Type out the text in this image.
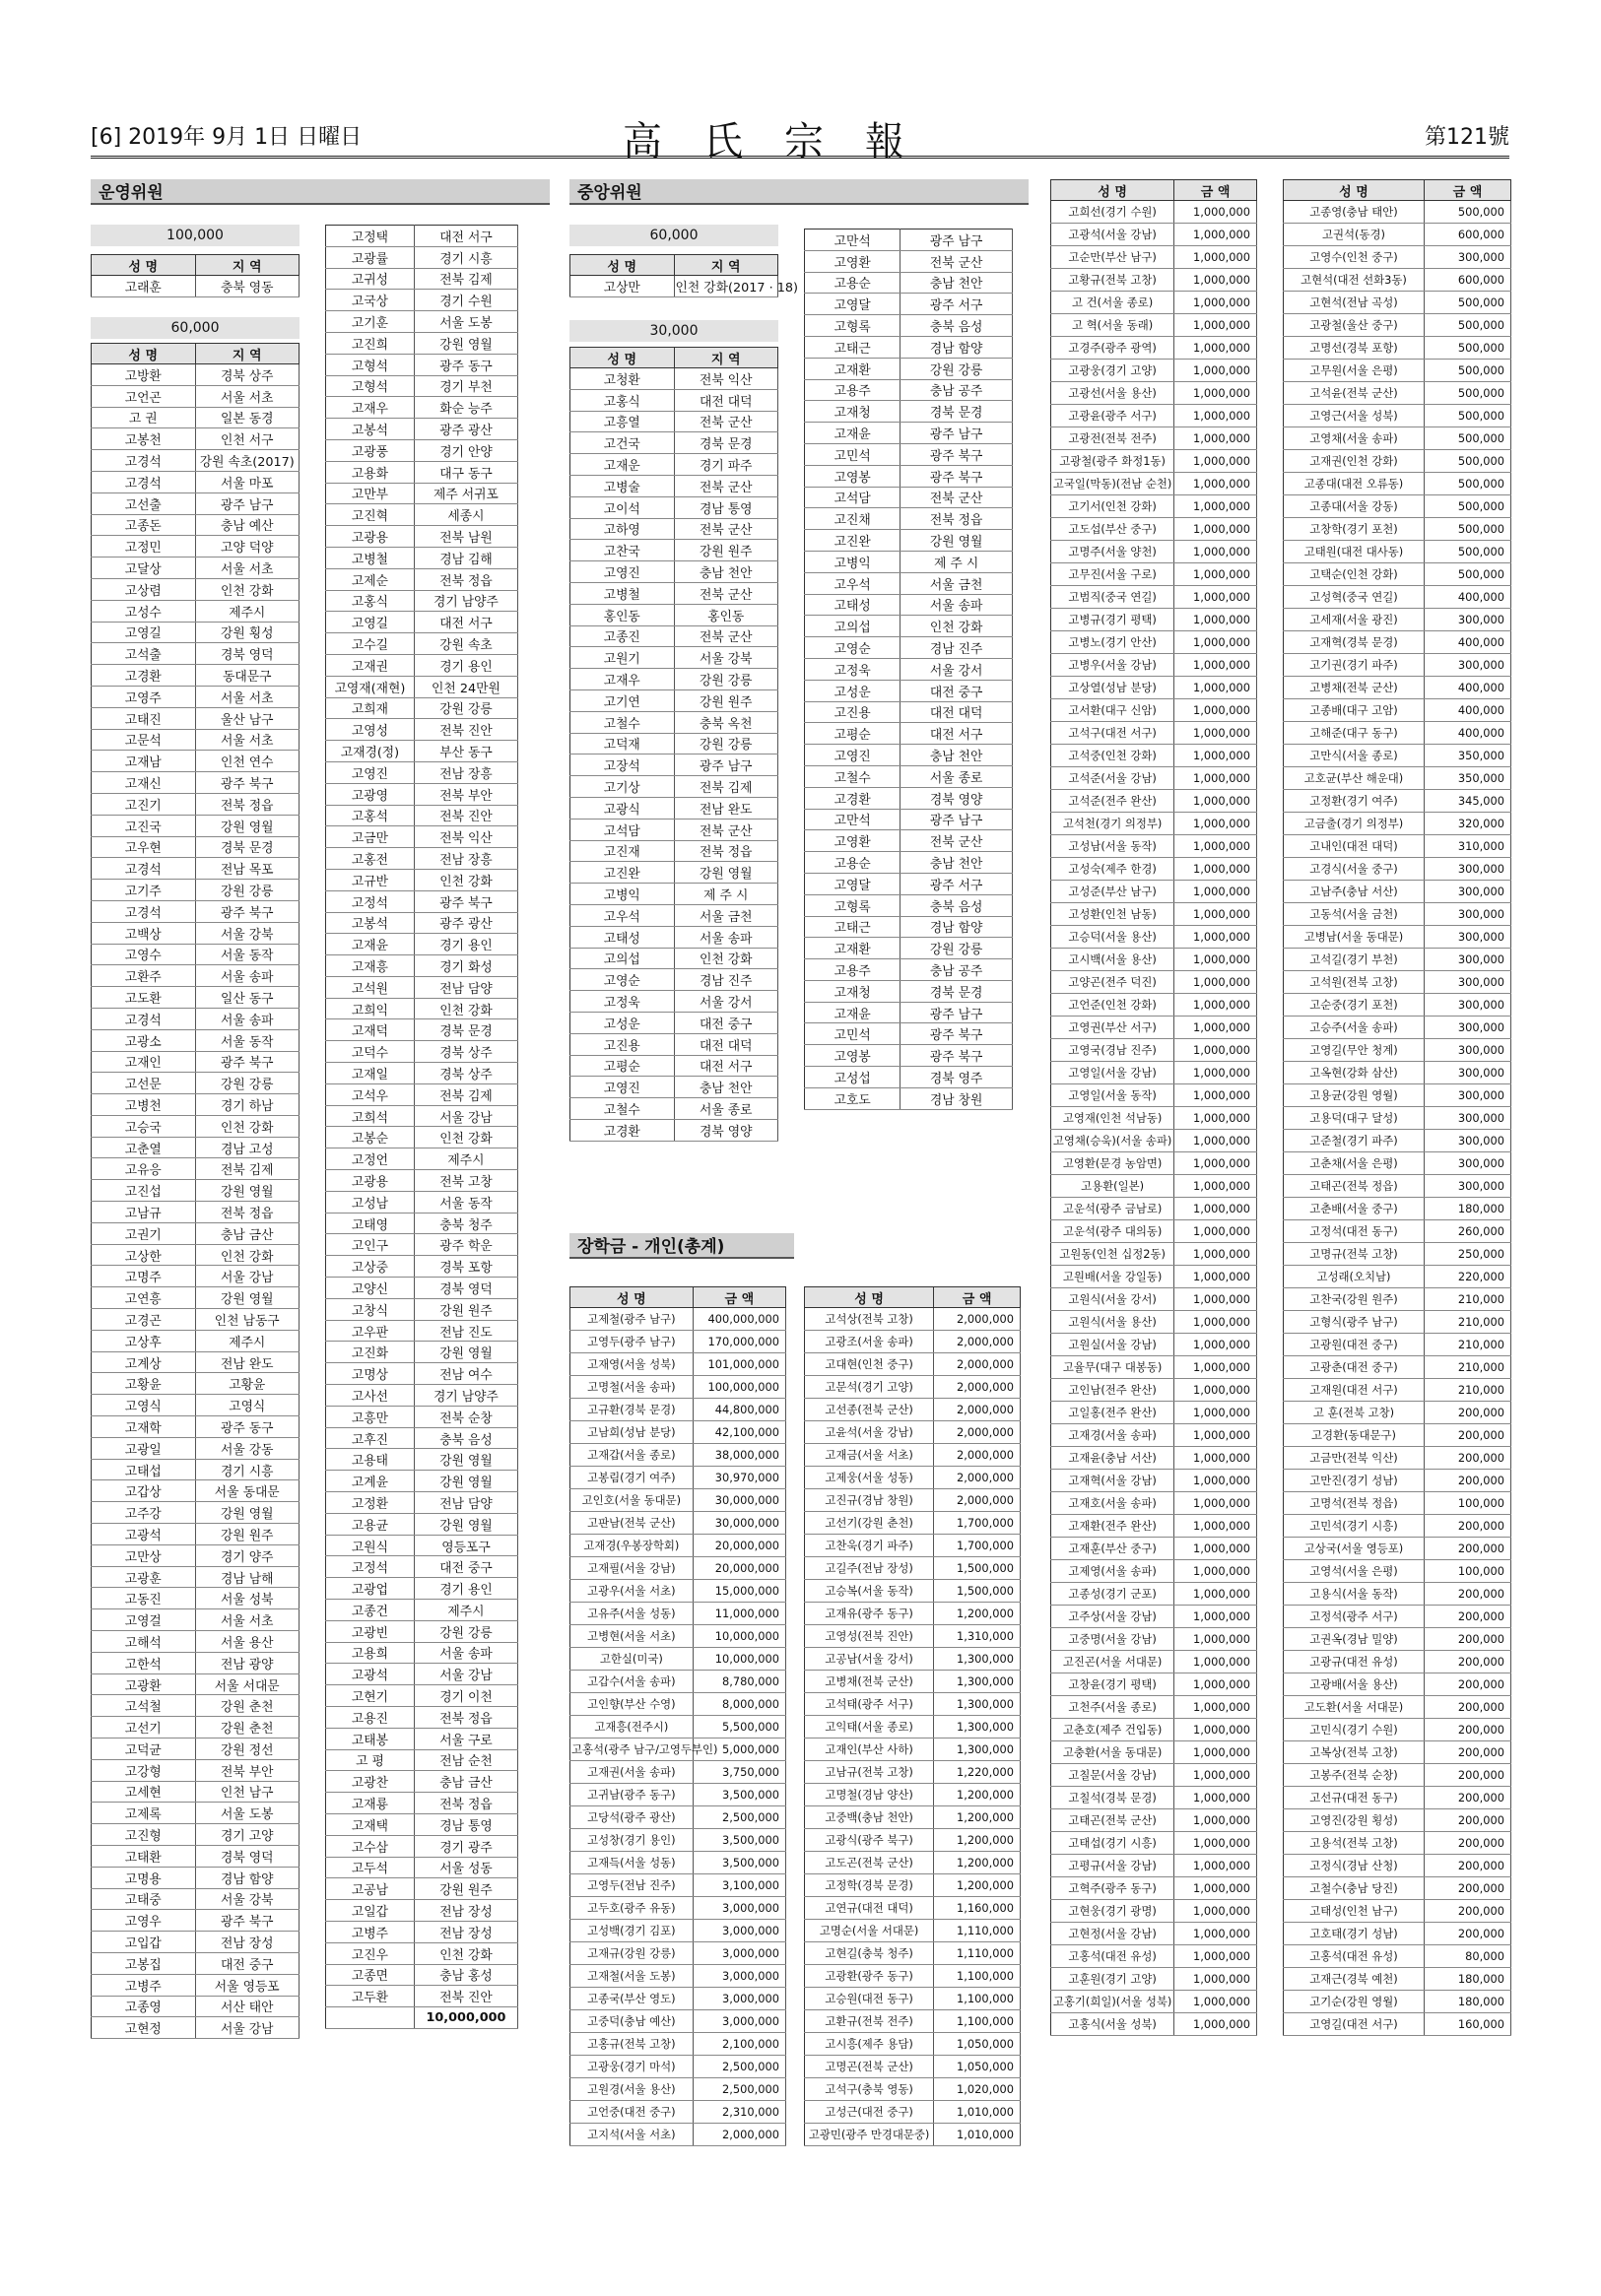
[6] 2019年 9月 1日 日曜日	高氏宗報	第121號
운영위원	중앙위원
장학금 - 개인(총계)
100,000
60,000
60,000
30,000
성 명	지 역
고래훈	충북 영동
성 명	지 역
고방환	경북 상주
고언곤	서울 서초
고 권	일본 동경
고봉천	인천 서구
고경석	강원 속초(2017)
고경석	서울 마포
고선출	광주 남구
고종돈	충남 예산
고정민	고양 덕양
고달상	서울 서초
고상렴	인천 강화
고성수	제주시
고영길	강원 횡성
고석출	경북 영덕
고경환	동대문구
고영주	서울 서초
고태진	울산 남구
고문석	서울 서초
고재남	인천 연수
고재신	광주 북구
고진기	전북 정읍
고진국	강원 영월
고우현	경북 문경
고경석	전남 목포
고기주	강원 강릉
고경석	광주 북구
고백상	서울 강북
고영수	서울 동작
고환주	서울 송파
고도환	일산 동구
고경석	서울 송파
고광소	서울 동작
고재인	광주 북구
고선문	강원 강릉
고병천	경기 하남
고승국	인천 강화
고춘열	경남 고성
고유응	전북 김제
고진섭	강원 영월
고남규	전북 정읍
고권기	충남 금산
고상한	인천 강화
고명주	서울 강남
고연흥	강원 영월
고경곤	인천 남동구
고상후	제주시
고계상	전남 완도
고황윤	고황윤
고영식	고영식
고재학	광주 동구
고광일	서울 강동
고태섭	경기 시흥
고갑상	서울 동대문
고주강	강원 영월
고광석	강원 원주
고만상	경기 양주
고광훈	경남 남해
고동진	서울 성북
고영걸	서울 서초
고해석	서울 용산
고한석	전남 광양
고광환	서울 서대문
고석철	강원 춘천
고선기	강원 춘천
고덕균	강원 정선
고강형	전북 부안
고세현	인천 남구
고제록	서울 도봉
고진형	경기 고양
고태환	경북 영덕
고명용	경남 함양
고태중	서울 강북
고영우	광주 북구
고입갑	전남 장성
고봉집	대전 중구
고병주	서울 영등포
고종영	서산 태안
고현정	서울 강남
고정택	대전 서구
고광률	경기 시흥
고귀성	전북 김제
고국상	경기 수원
고기훈	서울 도봉
고진희	강원 영월
고형석	광주 동구
고형석	경기 부천
고재우	화순 능주
고봉석	광주 광산
고광풍	경기 안양
고용화	대구 동구
고만부	제주 서귀포
고진혁	세종시
고광용	전북 남원
고병철	경남 김해
고제순	전북 정읍
고홍식	경기 남양주
고영길	대전 서구
고수길	강원 속초
고재권	경기 용인
고영재(재현)	인천 24만원
고희재	강원 강릉
고영성	전북 진안
고재경(정)	부산 동구
고영진	전남 장흥
고광영	전북 부안
고홍석	전북 진안
고금만	전북 익산
고홍전	전남 장흥
고규반	인천 강화
고정석	광주 북구
고봉석	광주 광산
고재윤	경기 용인
고재흥	경기 화성
고석원	전남 담양
고희익	인천 강화
고재덕	경북 문경
고덕수	경북 상주
고재일	경북 상주
고석우	전북 김제
고희석	서울 강남
고봉순	인천 강화
고정언	제주시
고광용	전북 고창
고성남	서울 동작
고태영	충북 청주
고인구	광주 학운
고상중	경북 포항
고양신	경북 영덕
고창식	강원 원주
고우판	전남 진도
고진화	강원 영월
고명상	전남 여수
고사선	경기 남양주
고흥만	전북 순창
고후진	충북 음성
고용태	강원 영월
고계윤	강원 영월
고정환	전남 담양
고용균	강원 영월
고원식	영등포구
고정석	대전 중구
고광업	경기 용인
고종건	제주시
고광빈	강원 강릉
고용희	서울 송파
고광석	서울 강남
고현기	경기 이천
고용진	전북 정읍
고태봉	서울 구로
고 평	전남 순천
고광찬	충남 금산
고재룡	전북 정읍
고재택	경남 통영
고수삼	경기 광주
고두석	서울 성동
고공남	강원 원주
고일갑	전남 장성
고병주	전남 장성
고진우	인천 강화
고종면	충남 홍성
고두환	전북 진안
	10,000,000
성 명	지 역
고상만	인천 강화(2017 · 18)
성 명	지 역
고청환	전북 익산
고홍식	대전 대덕
고흥열	전북 군산
고건국	경북 문경
고재운	경기 파주
고병술	전북 군산
고이석	경남 통영
고하영	전북 군산
고찬국	강원 원주
고영진	충남 천안
고병철	전북 군산
홍인동	홍인동
고종진	전북 군산
고원기	서울 강북
고재우	강원 강릉
고기연	강원 원주
고철수	충북 옥천
고덕재	강원 강릉
고장석	광주 남구
고기상	전북 김제
고광식	전남 완도
고석담	전북 군산
고진재	전북 정읍
고진완	강원 영월
고병익	제 주 시
고우석	서울 금천
고태성	서울 송파
고의섭	인천 강화
고영순	경남 진주
고정욱	서울 강서
고성운	대전 중구
고진용	대전 대덕
고평순	대전 서구
고영진	충남 천안
고철수	서울 종로
고경환	경북 영양
고만석	광주 남구
고영환	전북 군산
고용순	충남 천안
고영달	광주 서구
고형록	충북 음성
고태근	경남 함양
고재환	강원 강릉
고용주	충남 공주
고재청	경북 문경
고재윤	광주 남구
고민석	광주 북구
고영봉	광주 북구
고석담	전북 군산
고진채	전북 정읍
고진완	강원 영월
고병익	제 주 시
고우석	서울 금천
고태성	서울 송파
고의섭	인천 강화
고영순	경남 진주
고정욱	서울 강서
고성운	대전 중구
고진용	대전 대덕
고평순	대전 서구
고영진	충남 천안
고철수	서울 종로
고경환	경북 영양
고만석	광주 남구
고영환	전북 군산
고용순	충남 천안
고영달	광주 서구
고형록	충북 음성
고태근	경남 함양
고재환	강원 강릉
고용주	충남 공주
고재청	경북 문경
고재윤	광주 남구
고민석	광주 북구
고영봉	광주 북구
고성섭	경북 영주
고호도	경남 창원
성 명	금 액
고제철(광주 남구)	400,000,000
고영두(광주 남구)	170,000,000
고재영(서울 성북)	101,000,000
고명철(서울 송파)	100,000,000
고규환(경북 문경)	44,800,000
고남희(성남 분당)	42,100,000
고재갑(서울 종로)	38,000,000
고봉림(경기 여주)	30,970,000
고인호(서울 동대문)	30,000,000
고판남(전북 군산)	30,000,000
고재경(우봉장학회)	20,000,000
고재필(서울 강남)	20,000,000
고광우(서울 서초)	15,000,000
고유주(서울 성동)	11,000,000
고병현(서울 서초)	10,000,000
고한실(미국)	10,000,000
고갑수(서울 송파)	8,780,000
고인향(부산 수영)	8,000,000
고재흥(전주시)	5,500,000
고홍석(광주 남구/고영두부인)	5,000,000
고재권(서울 송파)	3,750,000
고귀남(광주 동구)	3,500,000
고당석(광주 광산)	2,500,000
고성창(경기 용인)	3,500,000
고재득(서울 성동)	3,500,000
고영두(전남 진주)	3,100,000
고두호(광주 유동)	3,000,000
고성백(경기 김포)	3,000,000
고재규(강원 강릉)	3,000,000
고재철(서울 도봉)	3,000,000
고종국(부산 영도)	3,000,000
고중덕(충남 예산)	3,000,000
고홍규(전북 고창)	2,100,000
고광웅(경기 마석)	2,500,000
고원경(서울 용산)	2,500,000
고언중(대전 중구)	2,310,000
고지석(서울 서초)	2,000,000
성 명	금 액
고석상(전북 고창)	2,000,000
고광조(서울 송파)	2,000,000
고대현(인천 중구)	2,000,000
고문석(경기 고양)	2,000,000
고선종(전북 군산)	2,000,000
고윤석(서울 강남)	2,000,000
고재금(서울 서초)	2,000,000
고제웅(서울 성동)	2,000,000
고진규(경남 창원)	2,000,000
고선기(강원 춘천)	1,700,000
고찬욱(경기 파주)	1,700,000
고길주(전남 장성)	1,500,000
고승복(서울 동작)	1,500,000
고재유(광주 동구)	1,200,000
고영성(전북 진안)	1,310,000
고공남(서울 강서)	1,300,000
고병채(전북 군산)	1,300,000
고석태(광주 서구)	1,300,000
고익태(서울 종로)	1,300,000
고재인(부산 사하)	1,300,000
고남규(전북 고창)	1,220,000
고명철(경남 양산)	1,200,000
고중백(충남 천안)	1,200,000
고광식(광주 북구)	1,200,000
고도곤(전북 군산)	1,200,000
고정학(경북 문경)	1,200,000
고연규(대전 대덕)	1,160,000
고명순(서울 서대문)	1,110,000
고현길(충북 청주)	1,110,000
고광환(광주 동구)	1,100,000
고승원(대전 동구)	1,100,000
고환규(전북 전주)	1,100,000
고시흥(제주 용담)	1,050,000
고명곤(전북 군산)	1,050,000
고석구(충북 영동)	1,020,000
고성근(대전 중구)	1,010,000
고광민(광주 만경대문중)	1,010,000
성 명	금 액
고희선(경기 수원)	1,000,000
고광석(서울 강남)	1,000,000
고순만(부산 남구)	1,000,000
고황규(전북 고창)	1,000,000
고 건(서울 종로)	1,000,000
고 혁(서울 동래)	1,000,000
고경주(광주 광역)	1,000,000
고광웅(경기 고양)	1,000,000
고광선(서울 용산)	1,000,000
고광윤(광주 서구)	1,000,000
고광전(전북 전주)	1,000,000
고광철(광주 화정1동)	1,000,000
고국일(막동)(전남 순천)	1,000,000
고기서(인천 강화)	1,000,000
고도섭(부산 중구)	1,000,000
고명주(서울 양천)	1,000,000
고무진(서울 구로)	1,000,000
고범직(중국 연길)	1,000,000
고병규(경기 평택)	1,000,000
고병노(경기 안산)	1,000,000
고병우(서울 강남)	1,000,000
고상열(성남 분당)	1,000,000
고서환(대구 신암)	1,000,000
고석구(대전 서구)	1,000,000
고석중(인천 강화)	1,000,000
고석준(서울 강남)	1,000,000
고석준(전주 완산)	1,000,000
고석천(경기 의정부)	1,000,000
고성남(서울 동작)	1,000,000
고성숙(제주 한경)	1,000,000
고성준(부산 남구)	1,000,000
고성환(인천 남동)	1,000,000
고승덕(서울 용산)	1,000,000
고시백(서울 용산)	1,000,000
고양곤(전주 덕진)	1,000,000
고언준(인천 강화)	1,000,000
고영권(부산 서구)	1,000,000
고영국(경남 진주)	1,000,000
고영일(서울 강남)	1,000,000
고영일(서울 동작)	1,000,000
고영재(인천 석남동)	1,000,000
고영채(승욱)(서울 송파)	1,000,000
고영환(문경 농암면)	1,000,000
고용환(일본)	1,000,000
고운석(광주 금남로)	1,000,000
고운석(광주 대의동)	1,000,000
고원동(인천 십정2동)	1,000,000
고원배(서울 강일동)	1,000,000
고원식(서울 강서)	1,000,000
고원식(서울 용산)	1,000,000
고원실(서울 강남)	1,000,000
고율무(대구 대봉동)	1,000,000
고인남(전주 완산)	1,000,000
고일홍(전주 완산)	1,000,000
고재경(서울 송파)	1,000,000
고재윤(충남 서산)	1,000,000
고재혁(서울 강남)	1,000,000
고재호(서울 송파)	1,000,000
고재환(전주 완산)	1,000,000
고재훈(부산 중구)	1,000,000
고제영(서울 송파)	1,000,000
고종성(경기 군포)	1,000,000
고주상(서울 강남)	1,000,000
고중명(서울 강남)	1,000,000
고진곤(서울 서대문)	1,000,000
고창윤(경기 평택)	1,000,000
고천주(서울 종로)	1,000,000
고춘호(제주 건입동)	1,000,000
고충환(서울 동대문)	1,000,000
고칠문(서울 강남)	1,000,000
고칠석(경북 문경)	1,000,000
고태곤(전북 군산)	1,000,000
고태섭(경기 시흥)	1,000,000
고평규(서울 강남)	1,000,000
고혁주(광주 동구)	1,000,000
고현웅(경기 광명)	1,000,000
고현정(서울 강남)	1,000,000
고홍석(대전 유성)	1,000,000
고훈원(경기 고양)	1,000,000
고홍기(희일)(서울 성북)	1,000,000
고홍식(서울 성북)	1,000,000
성 명	금 액
고종영(충남 태안)	500,000
고권석(동경)	600,000
고영수(인천 중구)	300,000
고현석(대전 선화3동)	600,000
고현석(전남 곡성)	500,000
고광철(울산 중구)	500,000
고명선(경북 포항)	500,000
고무원(서울 은평)	500,000
고석윤(전북 군산)	500,000
고영근(서울 성북)	500,000
고영채(서울 송파)	500,000
고재권(인천 강화)	500,000
고종대(대전 오류동)	500,000
고종대(서울 강동)	500,000
고창학(경기 포천)	500,000
고태원(대전 대사동)	500,000
고택순(인천 강화)	500,000
고성혁(중국 연길)	400,000
고세재(서울 광진)	300,000
고재혁(경북 문경)	400,000
고기권(경기 파주)	300,000
고병채(전북 군산)	400,000
고종배(대구 고암)	400,000
고해준(대구 동구)	400,000
고만식(서울 종로)	350,000
고호균(부산 해운대)	350,000
고정환(경기 여주)	345,000
고금출(경기 의정부)	320,000
고내인(대전 대덕)	310,000
고경식(서울 중구)	300,000
고남주(충남 서산)	300,000
고동석(서울 금천)	300,000
고병남(서울 동대문)	300,000
고석길(경기 부천)	300,000
고석원(전북 고창)	300,000
고순중(경기 포천)	300,000
고승주(서울 송파)	300,000
고영길(무안 청계)	300,000
고옥현(강화 삼산)	300,000
고용균(강원 영월)	300,000
고용덕(대구 달성)	300,000
고준철(경기 파주)	300,000
고춘채(서울 은평)	300,000
고태곤(전북 정읍)	300,000
고춘배(서울 중구)	180,000
고정석(대전 동구)	260,000
고명규(전북 고창)	250,000
고성래(오치남)	220,000
고찬국(강원 원주)	210,000
고형식(광주 남구)	210,000
고광원(대전 중구)	210,000
고광춘(대전 중구)	210,000
고재원(대전 서구)	210,000
고 훈(전북 고창)	200,000
고경환(동대문구)	200,000
고금만(전북 익산)	200,000
고만진(경기 성남)	200,000
고명석(전북 정읍)	100,000
고민석(경기 시흥)	200,000
고상국(서울 영등포)	200,000
고영석(서울 은평)	100,000
고용식(서울 동작)	200,000
고정석(광주 서구)	200,000
고권옥(경남 밀양)	200,000
고광규(대전 유성)	200,000
고광배(서울 용산)	200,000
고도환(서울 서대문)	200,000
고민식(경기 수원)	200,000
고복상(전북 고창)	200,000
고봉주(전북 순창)	200,000
고선규(대전 동구)	200,000
고영진(강원 횡성)	200,000
고용석(전북 고창)	200,000
고정식(경남 산청)	200,000
고철수(충남 당진)	200,000
고태성(인천 남구)	200,000
고호태(경기 성남)	200,000
고홍석(대전 유성)	80,000
고재근(경북 예천)	180,000
고기순(강원 영월)	180,000
고영길(대전 서구)	160,000
